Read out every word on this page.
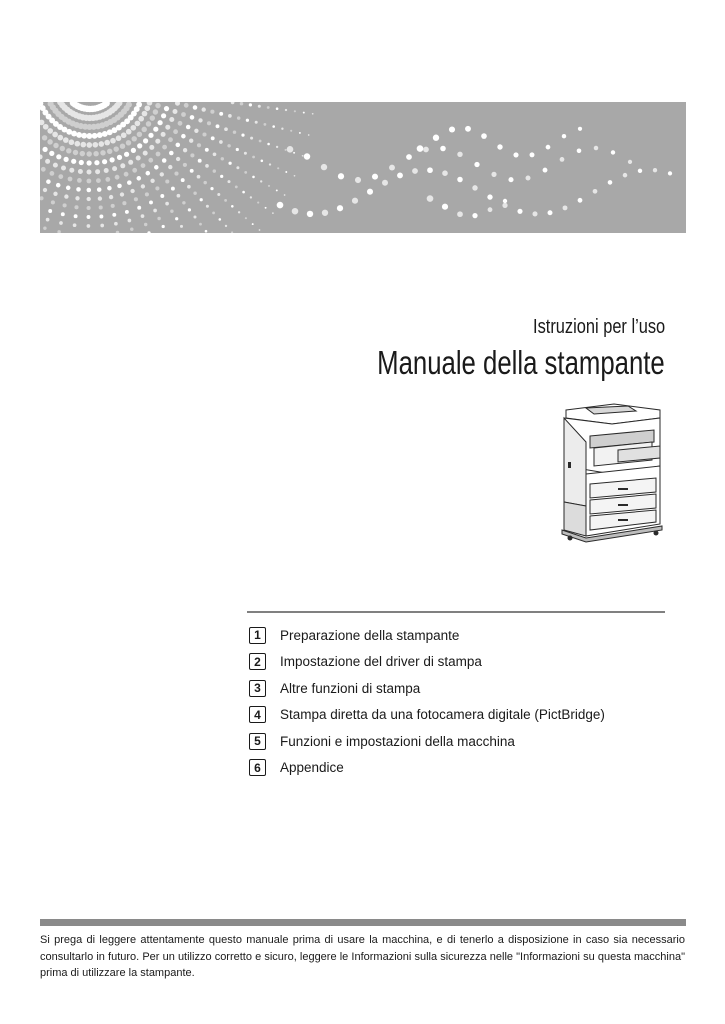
Istruzioni per l’uso
Manuale della stampante
1	Preparazione della stampante
2	Impostazione del driver di stampa
3	Altre funzioni di stampa
4	Stampa diretta da una fotocamera digitale (PictBridge)
5	Funzioni e impostazioni della macchina
6	Appendice

Si prega di leggere attentamente questo manuale prima di usare la macchina, e di tenerlo a disposizione in caso sia necessario consultarlo in futuro. Per un utilizzo corretto e sicuro, leggere le Informazioni sulla sicurezza nelle "Informazioni su questa macchina" prima di utilizzare la stampante.
